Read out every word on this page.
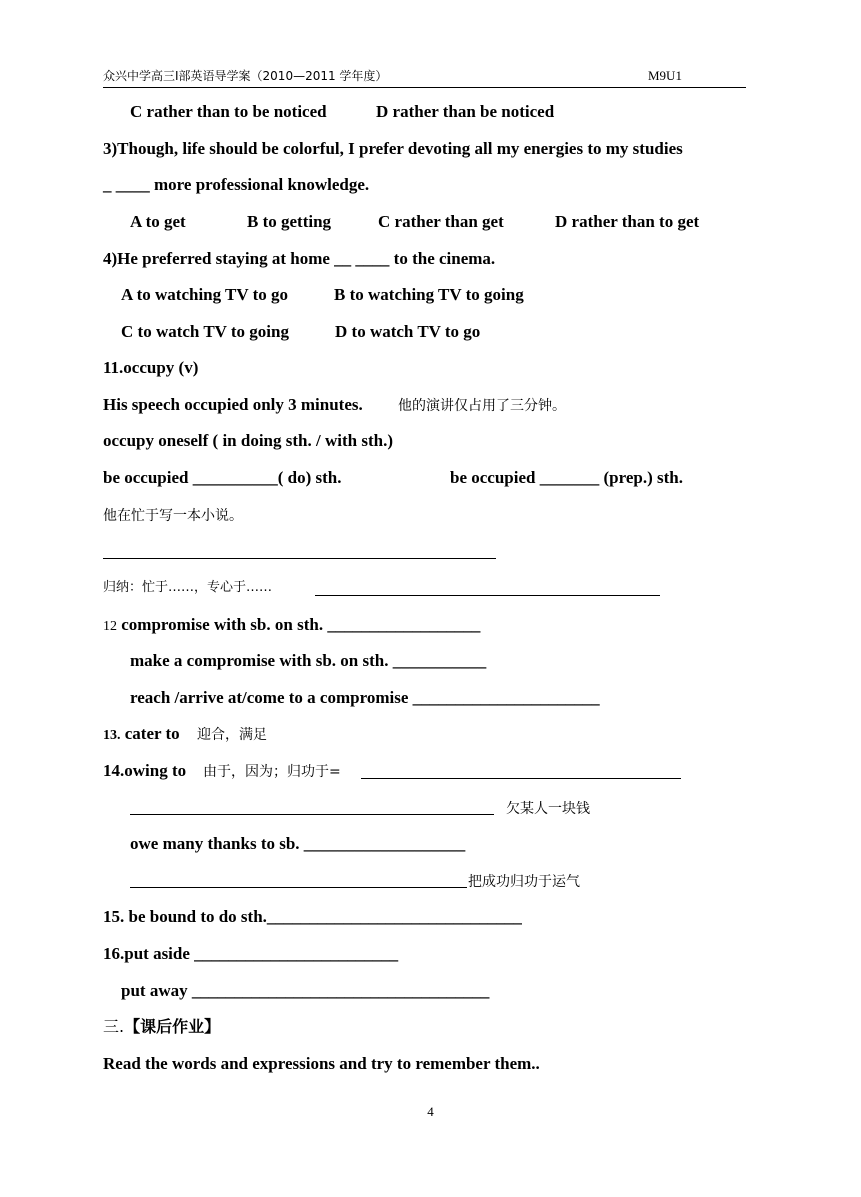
众兴中学高三Ⅰ部英语导学案（2010—2011 学年度）	M9U1
C rather than to be noticed	D rather than be noticed
3)Though, life should be colorful, I prefer devoting all my energies to my studies
_ ____ more professional knowledge.
A to get	B to getting	C rather than get	D rather than to get
4)He preferred staying at home __ ____ to the cinema.
A to watching TV to go	B to watching TV to going
C to watch TV to going	D to watch TV to go
11.occupy (v)
His speech occupied only 3 minutes.	他的演讲仅占用了三分钟。
occupy oneself ( in doing sth. / with sth.)
be occupied __________( do) sth.	be occupied _______ (prep.) sth.
他在忙于写一本小说。
归纳：忙于……，专心于……
12 compromise with sb. on sth. __________________
make a compromise with sb. on sth. ___________
reach /arrive at/come to a compromise ______________________
13. cater to 迎合，满足
14.owing to 由于，因为；归功于=
欠某人一块钱
owe many thanks to sb. ___________________
把成功归功于运气
15. be bound to do sth.______________________________
16.put aside ________________________
put away ___________________________________
三.【课后作业】
Read the words and expressions and try to remember them..
4
